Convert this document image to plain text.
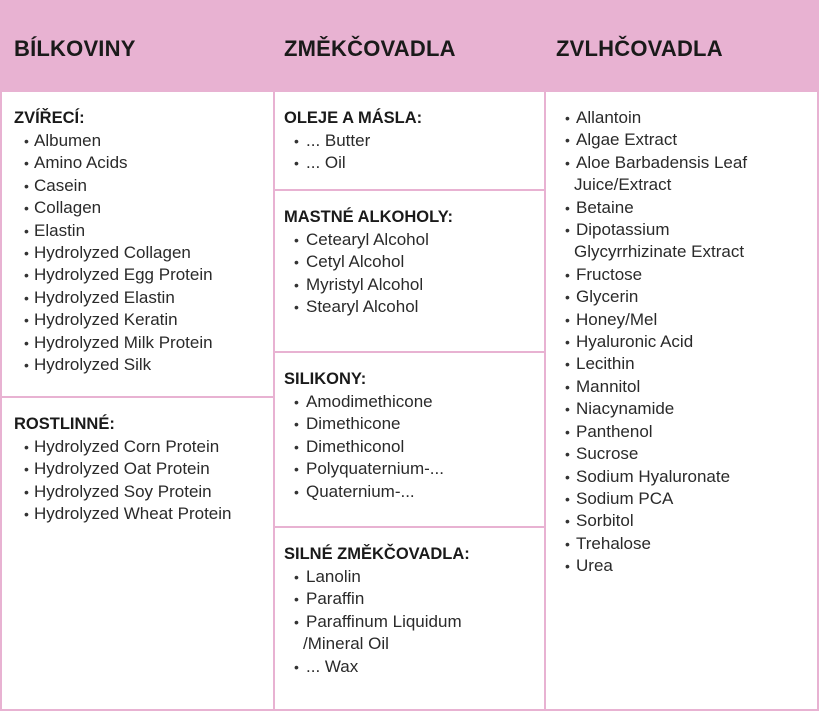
BÍLKOVINY	ZMĚKČOVADLA	ZVLHČOVADLA
ZVÍŘECÍ:
• Albumen
• Amino Acids
• Casein
• Collagen
• Elastin
• Hydrolyzed Collagen
• Hydrolyzed Egg Protein
• Hydrolyzed Elastin
• Hydrolyzed Keratin
• Hydrolyzed Milk Protein
• Hydrolyzed Silk
ROSTLINNÉ:
• Hydrolyzed Corn Protein
• Hydrolyzed Oat Protein
• Hydrolyzed Soy Protein
• Hydrolyzed Wheat Protein
OLEJE A MÁSLA:
• ... Butter
• ... Oil
MASTNÉ ALKOHOLY:
• Cetearyl Alcohol
• Cetyl Alcohol
• Myristyl Alcohol
• Stearyl Alcohol
SILIKONY:
• Amodimethicone
• Dimethicone
• Dimethiconol
• Polyquaternium-...
• Quaternium-...
SILNÉ ZMĚKČOVADLA:
• Lanolin
• Paraffin
• Paraffinum Liquidum
/Mineral Oil
• ... Wax
• Allantoin
• Algae Extract
• Aloe Barbadensis Leaf
Juice/Extract
• Betaine
• Dipotassium
Glycyrrhizinate Extract
• Fructose
• Glycerin
• Honey/Mel
• Hyaluronic Acid
• Lecithin
• Mannitol
• Niacynamide
• Panthenol
• Sucrose
• Sodium Hyaluronate
• Sodium PCA
• Sorbitol
• Trehalose
• Urea
